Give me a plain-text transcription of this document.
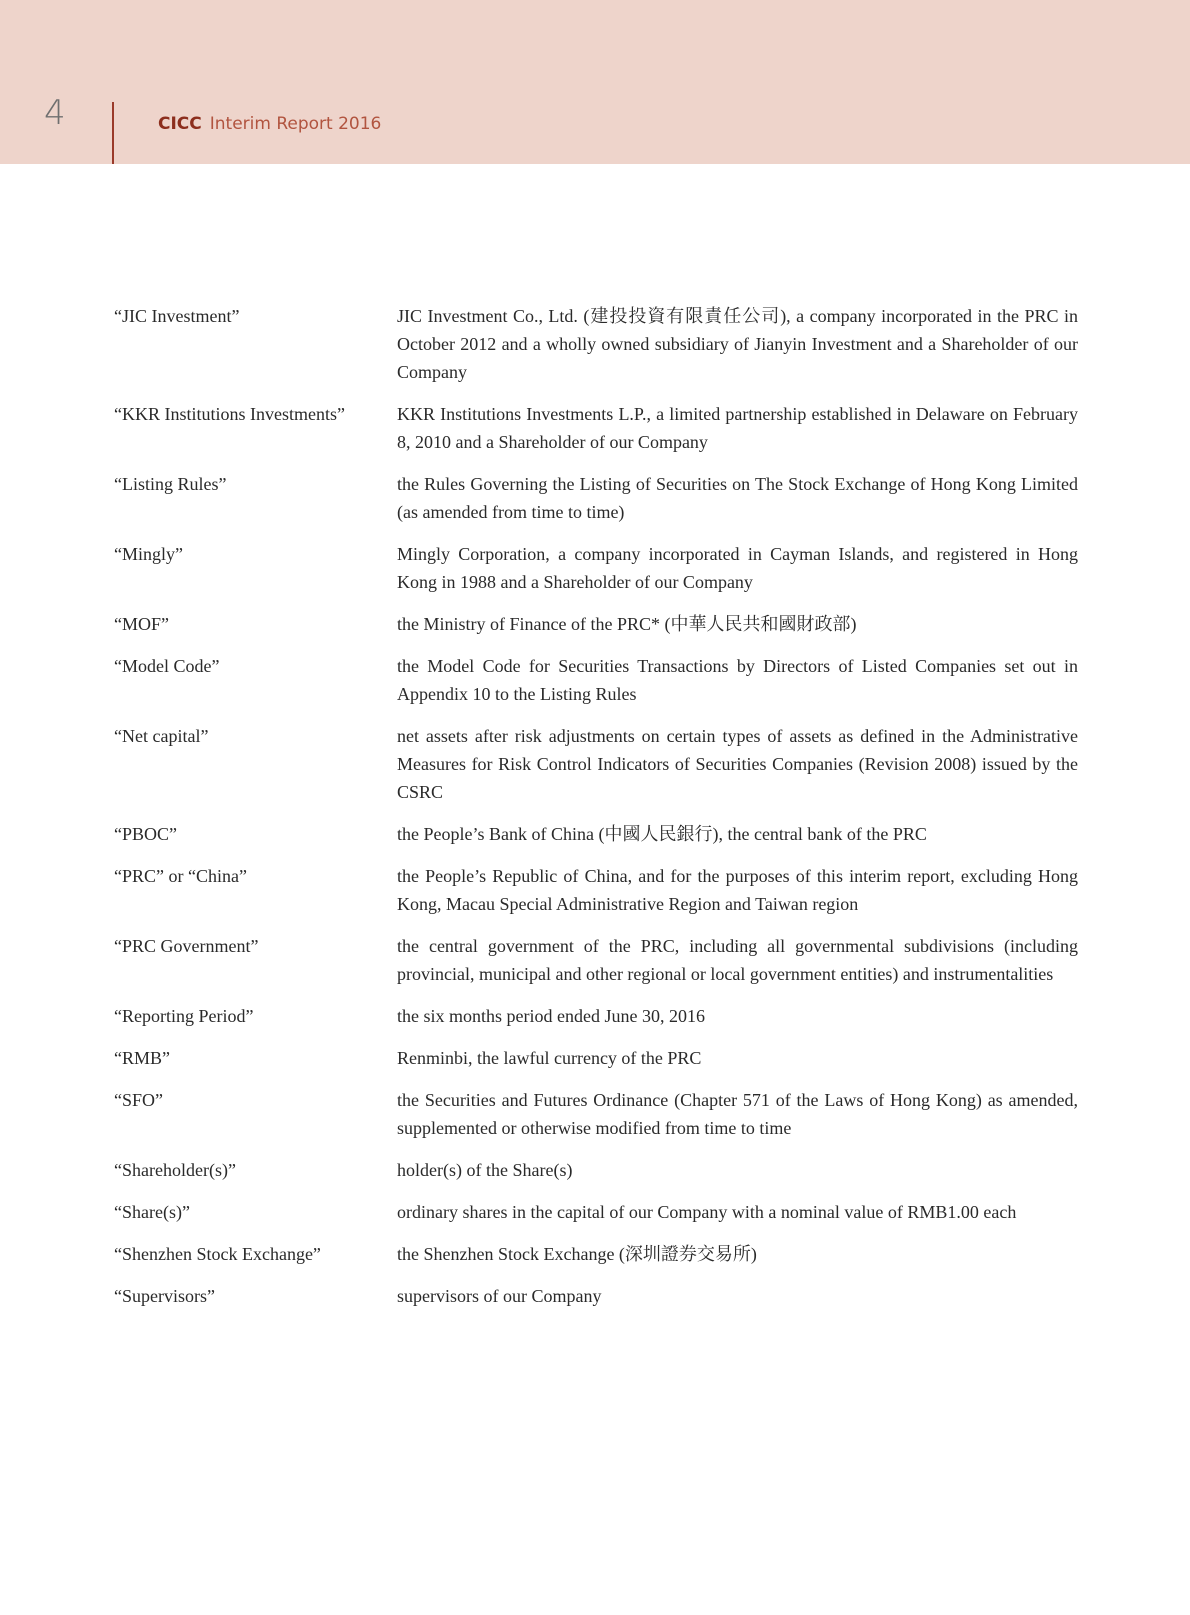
4	CICC Interim Report 2016
“JIC Investment”	JIC Investment Co., Ltd. (建投投資有限責任公司), a company incorporated in the PRC in October 2012 and a wholly owned subsidiary of Jianyin Investment and a Shareholder of our Company
“KKR Institutions Investments”	KKR Institutions Investments L.P., a limited partnership established in Delaware on February 8, 2010 and a Shareholder of our Company
“Listing Rules”	the Rules Governing the Listing of Securities on The Stock Exchange of Hong Kong Limited (as amended from time to time)
“Mingly”	Mingly Corporation, a company incorporated in Cayman Islands, and registered in Hong Kong in 1988 and a Shareholder of our Company
“MOF”	the Ministry of Finance of the PRC* (中華人民共和國財政部)
“Model Code”	the Model Code for Securities Transactions by Directors of Listed Companies set out in Appendix 10 to the Listing Rules
“Net capital”	net assets after risk adjustments on certain types of assets as defined in the Administrative Measures for Risk Control Indicators of Securities Companies (Revision 2008) issued by the CSRC
“PBOC”	the People’s Bank of China (中國人民銀行), the central bank of the PRC
“PRC” or “China”	the People’s Republic of China, and for the purposes of this interim report, excluding Hong Kong, Macau Special Administrative Region and Taiwan region
“PRC Government”	the central government of the PRC, including all governmental subdivisions (including provincial, municipal and other regional or local government entities) and instrumentalities
“Reporting Period”	the six months period ended June 30, 2016
“RMB”	Renminbi, the lawful currency of the PRC
“SFO”	the Securities and Futures Ordinance (Chapter 571 of the Laws of Hong Kong) as amended, supplemented or otherwise modified from time to time
“Shareholder(s)”	holder(s) of the Share(s)
“Share(s)”	ordinary shares in the capital of our Company with a nominal value of RMB1.00 each
“Shenzhen Stock Exchange”	the Shenzhen Stock Exchange (深圳證券交易所)
“Supervisors”	supervisors of our Company
